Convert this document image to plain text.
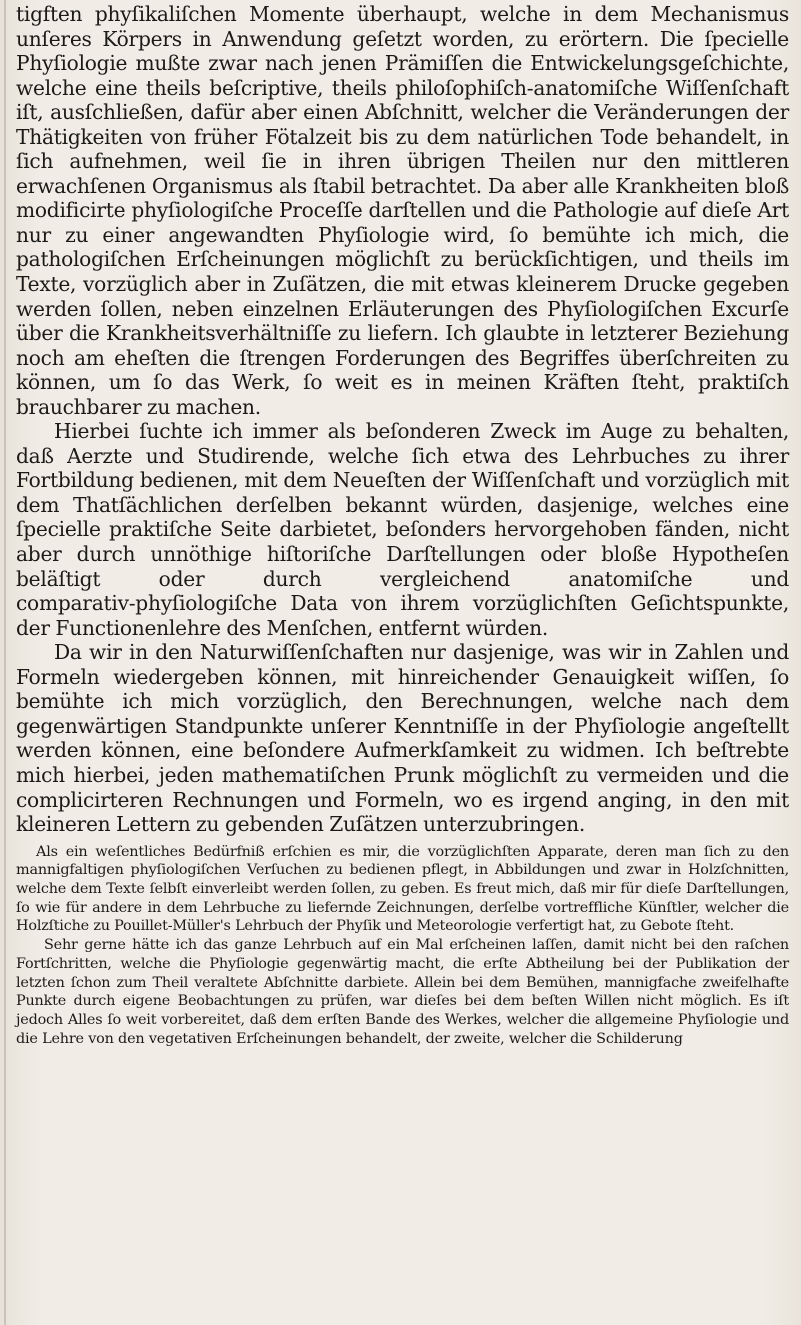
tigften phyſikaliſchen Momente überhaupt, welche in dem Mechanismus unſeres Körpers in Anwendung geſetzt worden, zu erörtern. Die ſpecielle Phyſiologie mußte zwar nach jenen Prämiſſen die Entwickelungsgeſchichte, welche eine theils beſcriptive, theils philoſophiſch‑anatomiſche Wiſſenſchaft iſt, ausſchließen, dafür aber einen Abſchnitt, welcher die Veränderungen der Thätigkeiten von früher Fötalzeit bis zu dem natürlichen Tode behandelt, in ſich aufnehmen, weil ſie in ihren übrigen Theilen nur den mittleren erwachſenen Organismus als ſtabil betrachtet. Da aber alle Krankheiten bloß modificirte phyſiologiſche Proceſſe darſtellen und die Pathologie auf dieſe Art nur zu einer angewandten Phyſiologie wird, ſo bemühte ich mich, die pathologiſchen Erſcheinungen möglichſt zu berückſichtigen, und theils im Texte, vorzüglich aber in Zuſätzen, die mit etwas kleinerem Drucke gegeben werden ſollen, neben einzelnen Erläuterungen des Phyſiologiſchen Excurſe über die Krankheitsverhältniſſe zu liefern. Ich glaubte in letzterer Beziehung noch am eheſten die ſtrengen Forderungen des Begriffes überſchreiten zu können, um ſo das Werk, ſo weit es in meinen Kräften ſteht, praktiſch brauchbarer zu machen.

Hierbei ſuchte ich immer als beſonderen Zweck im Auge zu behalten, daß Aerzte und Studirende, welche ſich etwa des Lehrbuches zu ihrer Fortbildung bedienen, mit dem Neueſten der Wiſſenſchaft und vorzüglich mit dem Thatſächlichen derſelben bekannt würden, dasjenige, welches eine ſpecielle praktiſche Seite darbietet, beſonders hervorgehoben fänden, nicht aber durch unnöthige hiſtoriſche Darſtellungen oder bloße Hypotheſen beläſtigt oder durch vergleichend anatomiſche und comparativ‑phyſiologiſche Data von ihrem vorzüglichſten Geſichtspunkte, der Functionenlehre des Menſchen, entfernt würden.

Da wir in den Naturwiſſenſchaften nur dasjenige, was wir in Zahlen und Formeln wiedergeben können, mit hinreichender Genauigkeit wiſſen, ſo bemühte ich mich vorzüglich, den Berechnungen, welche nach dem gegenwärtigen Standpunkte unſerer Kenntniſſe in der Phyſiologie angeſtellt werden können, eine beſondere Aufmerkſamkeit zu widmen. Ich beſtrebte mich hierbei, jeden mathematiſchen Prunk möglichſt zu vermeiden und die complicirteren Rechnungen und Formeln, wo es irgend anging, in den mit kleineren Lettern zu gebenden Zuſätzen unterzubringen.

Als ein weſentliches Bedürfniß erſchien es mir, die vorzüglichſten Apparate, deren man ſich zu den mannigfaltigen phyſiologiſchen Verſuchen zu bedienen pflegt, in Abbildungen und zwar in Holzſchnitten, welche dem Texte ſelbſt einverleibt werden ſollen, zu geben. Es freut mich, daß mir für dieſe Darſtellungen, ſo wie für andere in dem Lehrbuche zu liefernde Zeichnungen, derſelbe vortreffliche Künſtler, welcher die Holzſtiche zu Pouillet‑Müller's Lehrbuch der Phyſik und Meteorologie verfertigt hat, zu Gebote ſteht.

Sehr gerne hätte ich das ganze Lehrbuch auf ein Mal erſcheinen laſſen, damit nicht bei den raſchen Fortſchritten, welche die Phyſiologie gegenwärtig macht, die erſte Abtheilung bei der Publikation der letzten ſchon zum Theil veraltete Abſchnitte darbiete. Allein bei dem Bemühen, mannigfache zweifelhafte Punkte durch eigene Beobachtungen zu prüfen, war dieſes bei dem beſten Willen nicht möglich. Es iſt jedoch Alles ſo weit vorbereitet, daß dem erſten Bande des Werkes, welcher die allgemeine Phyſiologie und die Lehre von den vegetativen Erſcheinungen behandelt, der zweite, welcher die Schilderung
